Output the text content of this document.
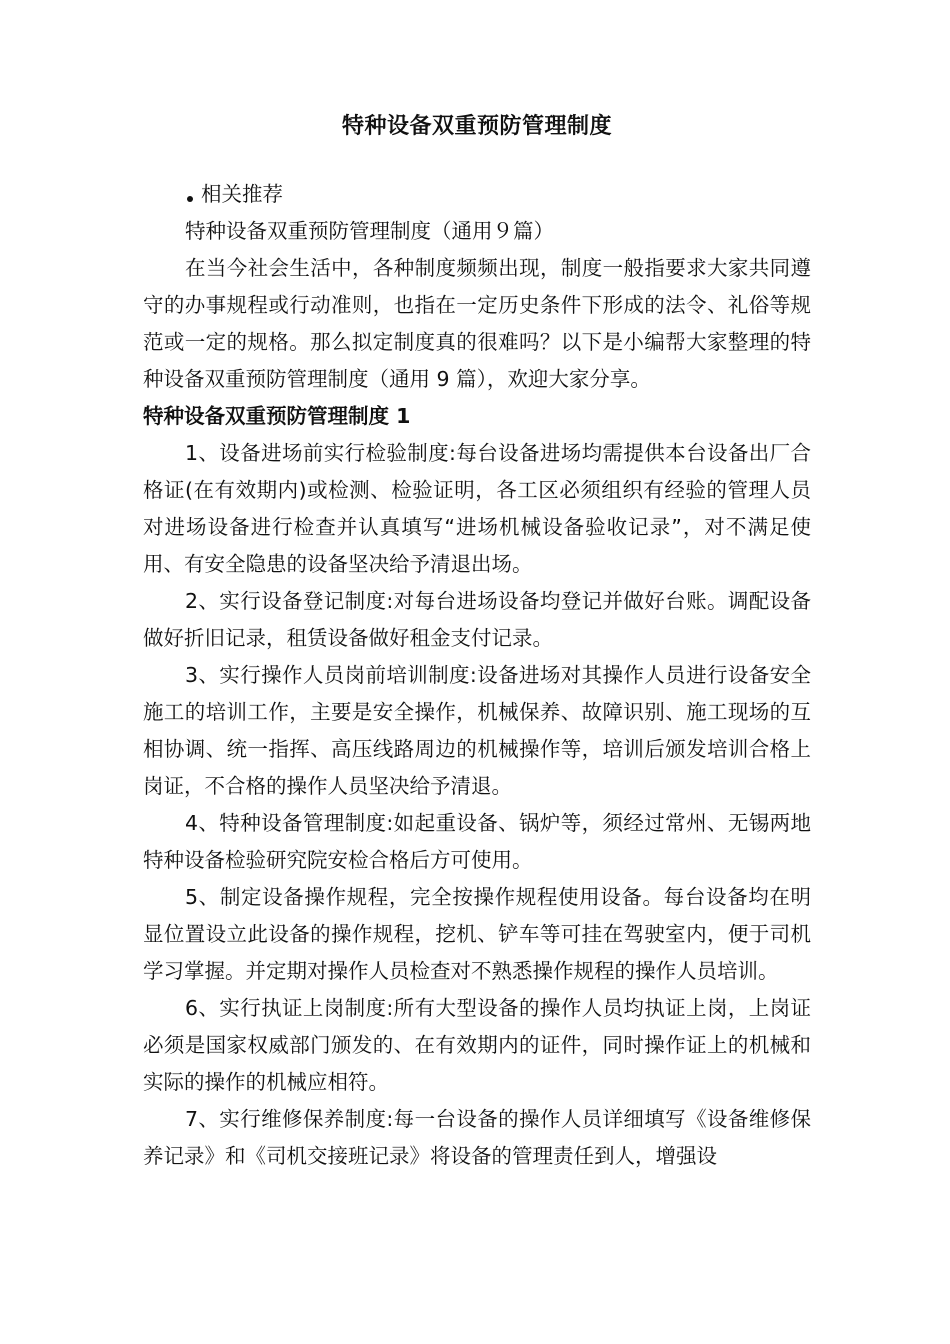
特种设备双重预防管理制度

相关推荐

特种设备双重预防管理制度（通用９篇）

在当今社会生活中，各种制度频频出现，制度一般指要求大家共同遵守的办事规程或行动准则，也指在一定历史条件下形成的法令、礼俗等规范或一定的规格。那么拟定制度真的很难吗？以下是小编帮大家整理的特种设备双重预防管理制度（通用 9 篇），欢迎大家分享。

特种设备双重预防管理制度 1

1、设备进场前实行检验制度:每台设备进场均需提供本台设备出厂合格证(在有效期内)或检测、检验证明，各工区必须组织有经验的管理人员对进场设备进行检查并认真填写“进场机械设备验收记录”，对不满足使用、有安全隐患的设备坚决给予清退出场。

2、实行设备登记制度:对每台进场设备均登记并做好台账。调配设备做好折旧记录，租赁设备做好租金支付记录。

3、实行操作人员岗前培训制度:设备进场对其操作人员进行设备安全施工的培训工作，主要是安全操作，机械保养、故障识别、施工现场的互相协调、统一指挥、高压线路周边的机械操作等，培训后颁发培训合格上岗证，不合格的操作人员坚决给予清退。

4、特种设备管理制度:如起重设备、锅炉等，须经过常州、无锡两地特种设备检验研究院安检合格后方可使用。

5、制定设备操作规程，完全按操作规程使用设备。每台设备均在明显位置设立此设备的操作规程，挖机、铲车等可挂在驾驶室内，便于司机学习掌握。并定期对操作人员检查对不熟悉操作规程的操作人员培训。

6、实行执证上岗制度:所有大型设备的操作人员均执证上岗，上岗证必须是国家权威部门颁发的、在有效期内的证件，同时操作证上的机械和实际的操作的机械应相符。

7、实行维修保养制度:每一台设备的操作人员详细填写《设备维修保养记录》和《司机交接班记录》将设备的管理责任到人，增强设
